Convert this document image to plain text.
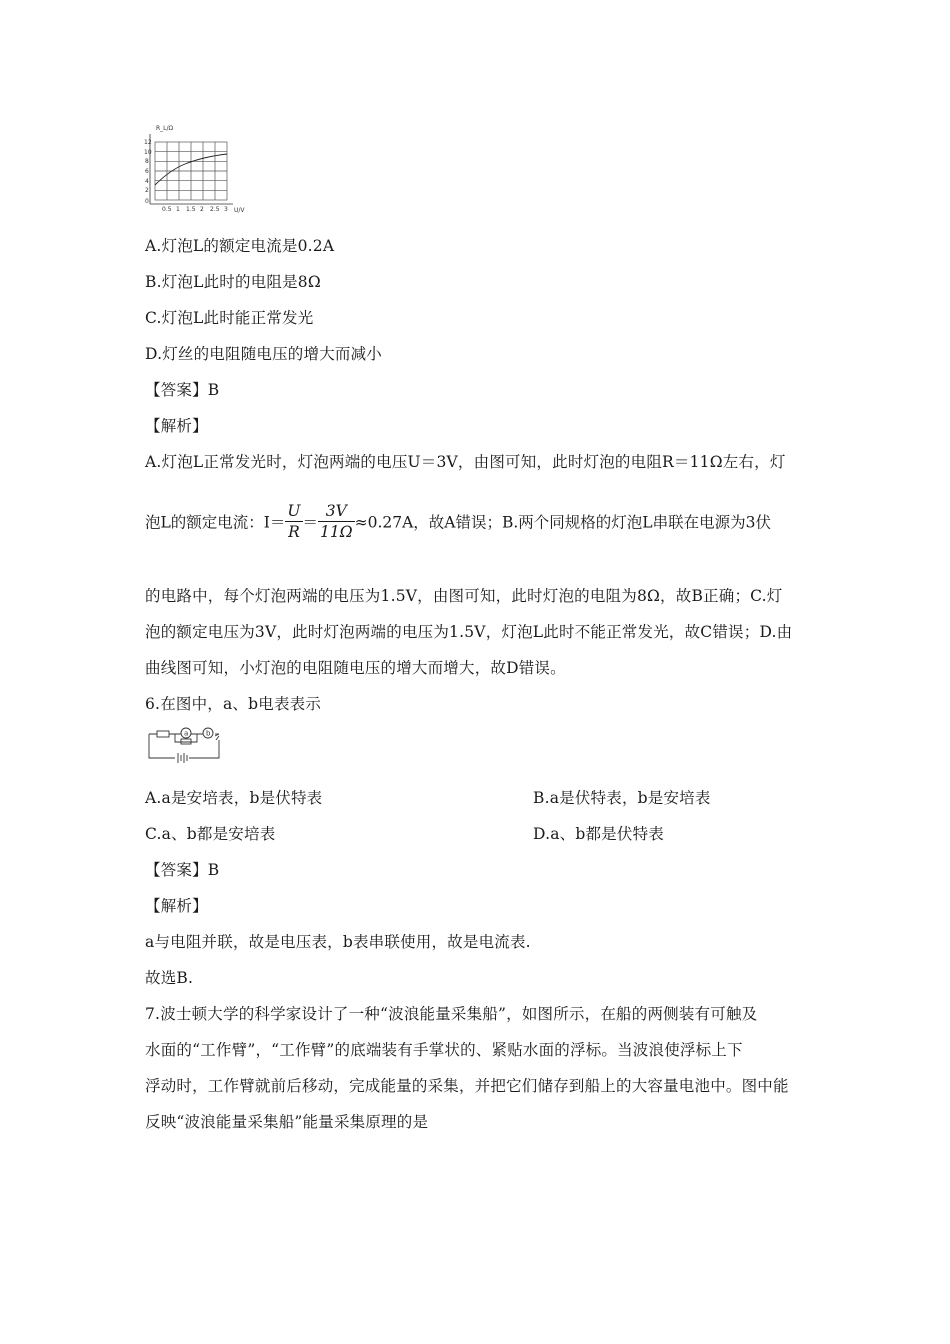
R_L/Ω
U/V
12
10
8
6
4
2
0
0.5 1 1.5 2 2.5 3
A.灯泡L的额定电流是0.2A
B.灯泡L此时的电阻是8Ω
C.灯泡L此时能正常发光
D.灯丝的电阻随电压的增大而减小
【答案】B
【解析】
A.灯泡L正常发光时，灯泡两端的电压U＝3V，由图可知，此时灯泡的电阻R＝11Ω左右，灯
泡L的额定电流：$I= \frac{U}{R} = \frac{3V}{11\Omega} \approx 0.27A$，故A错误；B.两个同规格的灯泡L串联在电源为3伏
的电路中，每个灯泡两端的电压为1.5V，由图可知，此时灯泡的电阻为8Ω，故B正确；C.灯
泡的额定电压为3V，此时灯泡两端的电压为1.5V，灯泡L此时不能正常发光，故C错误；D.由
曲线图可知，小灯泡的电阻随电压的增大而增大，故D错误。
6.在图中，a、b电表表示
a	b
A.a是安培表，b是伏特表	B.a是伏特表，b是安培表
C.a、b都是安培表	D.a、b都是伏特表
【答案】B
【解析】
a与电阻并联，故是电压表，b表串联使用，故是电流表.
故选B.
7.波士顿大学的科学家设计了一种“波浪能量采集船”，如图所示，在船的两侧装有可触及
水面的“工作臂”，“工作臂”的底端装有手掌状的、紧贴水面的浮标。当波浪使浮标上下
浮动时，工作臂就前后移动，完成能量的采集，并把它们储存到船上的大容量电池中。图中能
反映“波浪能量采集船”能量采集原理的是
